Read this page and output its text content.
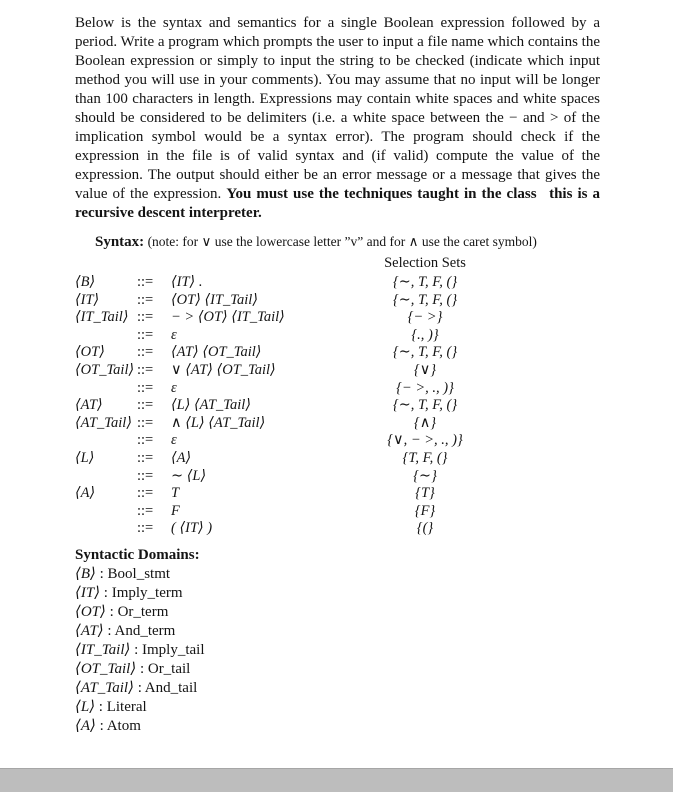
Below is the syntax and semantics for a single Boolean expression followed by a period. Write a program which prompts the user to input a file name which contains the Boolean expression or simply to input the string to be checked (indicate which input method you will use in your comments). You may assume that no input will be longer than 100 characters in length. Expressions may contain white spaces and white spaces should be considered to be delimiters (i.e. a white space between the − and > of the implication symbol would be a syntax error). The program should check if the expression in the file is of valid syntax and (if valid) compute the value of the expression. The output should either be an error message or a message that gives the value of the expression. You must use the techniques taught in the class  this is a recursive descent interpreter.
Syntax: (note: for ∨ use the lowercase letter ”v” and for ∧ use the caret symbol)
Selection Sets
⟨B⟩	::=	⟨IT⟩ .	{∼, T, F, (}
⟨IT⟩	::=	⟨OT⟩ ⟨IT_Tail⟩	{∼, T, F, (}
⟨IT_Tail⟩ ::=	− > ⟨OT⟩ ⟨IT_Tail⟩	{− >}
::=	ε	{., )}
⟨OT⟩	::=	⟨AT⟩ ⟨OT_Tail⟩	{∼, T, F, (}
⟨OT_Tail⟩ ::=	∨ ⟨AT⟩ ⟨OT_Tail⟩	{∨}
::=	ε	{− >, ., )}
⟨AT⟩	::=	⟨L⟩ ⟨AT_Tail⟩	{∼, T, F, (}
⟨AT_Tail⟩ ::=	∧ ⟨L⟩ ⟨AT_Tail⟩	{∧}
::=	ε	{∨, − >, ., )}
⟨L⟩	::=	⟨A⟩	{T, F, (}
::=	∼ ⟨L⟩	{∼}
⟨A⟩	::=	T	{T}
::=	F	{F}
::=	( ⟨IT⟩ )	{(}
Syntactic Domains:
⟨B⟩ : Bool_stmt
⟨IT⟩ : Imply_term
⟨OT⟩ : Or_term
⟨AT⟩ : And_term
⟨IT_Tail⟩ : Imply_tail
⟨OT_Tail⟩ : Or_tail
⟨AT_Tail⟩ : And_tail
⟨L⟩ : Literal
⟨A⟩ : Atom
